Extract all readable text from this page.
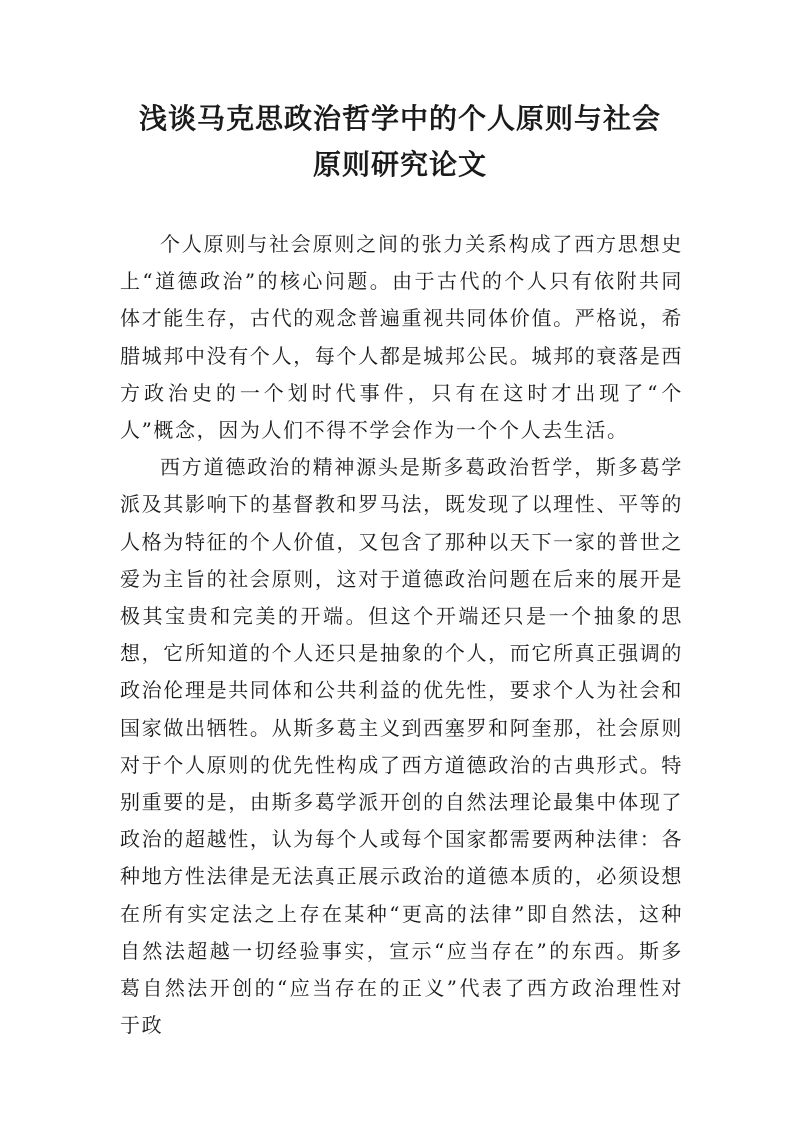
浅谈马克思政治哲学中的个人原则与社会
原则研究论文

个人原则与社会原则之间的张力关系构成了西方思想史上“道德政治”的核心问题。由于古代的个人只有依附共同体才能生存，古代的观念普遍重视共同体价值。严格说，希腊城邦中没有个人，每个人都是城邦公民。城邦的衰落是西方政治史的一个划时代事件，只有在这时才出现了“个人”概念，因为人们不得不学会作为一个个人去生活。

西方道德政治的精神源头是斯多葛政治哲学，斯多葛学派及其影响下的基督教和罗马法，既发现了以理性、平等的人格为特征的个人价值，又包含了那种以天下一家的普世之爱为主旨的社会原则，这对于道德政治问题在后来的展开是极其宝贵和完美的开端。但这个开端还只是一个抽象的思想，它所知道的个人还只是抽象的个人，而它所真正强调的政治伦理是共同体和公共利益的优先性，要求个人为社会和国家做出牺牲。从斯多葛主义到西塞罗和阿奎那，社会原则对于个人原则的优先性构成了西方道德政治的古典形式。特别重要的是，由斯多葛学派开创的自然法理论最集中体现了政治的超越性，认为每个人或每个国家都需要两种法律：各种地方性法律是无法真正展示政治的道德本质的，必须设想在所有实定法之上存在某种“更高的法律”即自然法，这种自然法超越一切经验事实，宣示“应当存在”的东西。斯多葛自然法开创的“应当存在的正义”代表了西方政治理性对于政
